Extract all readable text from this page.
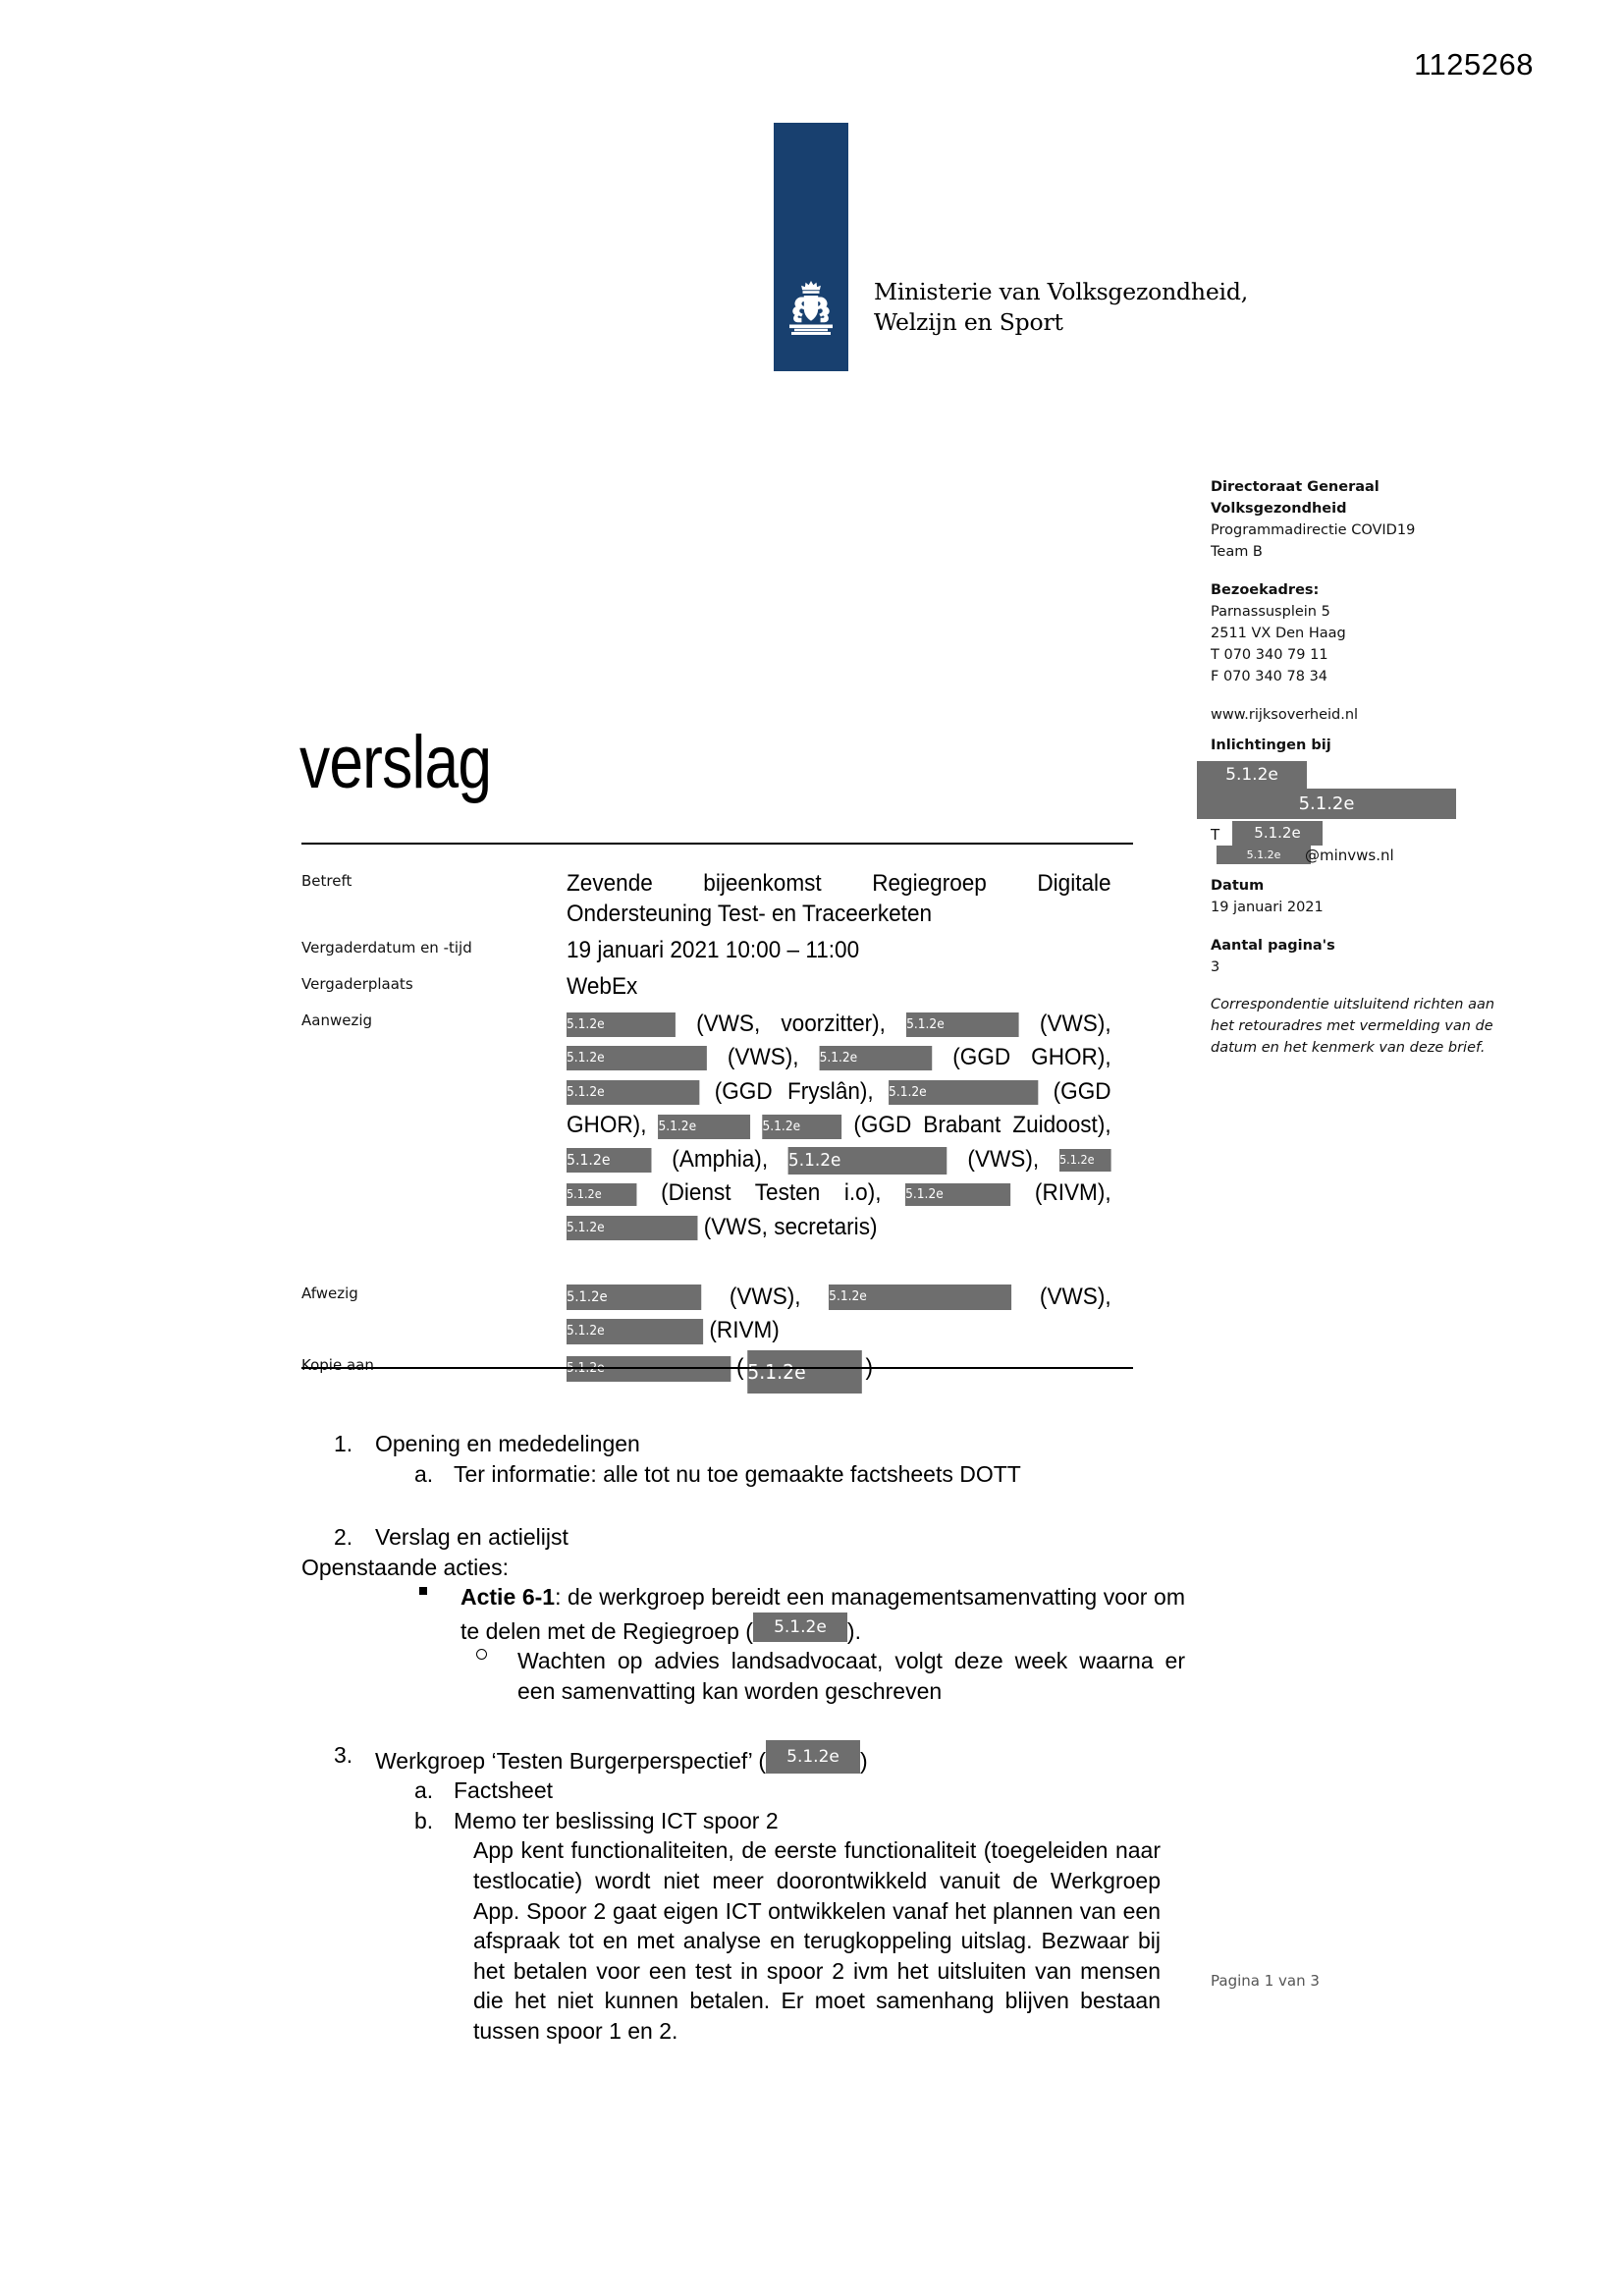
1125268
Ministerie van Volksgezondheid,
Welzijn en Sport
Directoraat Generaal
Volksgezondheid
Programmadirectie COVID19
Team B
Bezoekadres:
Parnassusplein 5
2511 VX Den Haag
T 070 340 79 11
F 070 340 78 34
www.rijksoverheid.nl
Inlichtingen bij
5.1.2e
5.1.2e
T	5.1.2e
5.1.2e	@minvws.nl
Datum
19 januari 2021
Aantal pagina's
3
Correspondentie uitsluitend richten aan het retouradres met vermelding van de datum en het kenmerk van deze brief.
verslag
Betreft	Zevende bijeenkomst Regiegroep Digitale Ondersteuning Test- en Traceerketen
Vergaderdatum en -tijd	19 januari 2021 10:00 – 11:00
Vergaderplaats	WebEx
Aanwezig	5.1.2e	(VWS, voorzitter), 5.1.2e	(VWS), 5.1.2e	(VWS), 5.1.2e	(GGD GHOR), 5.1.2e	(GGD Fryslân), 5.1.2e	(GGD GHOR), 5.1.2e	5.1.2e (GGD Brabant Zuidoost), 5.1.2e	(Amphia), 5.1.2e	(VWS), 5.1.2e 5.1.2e	(Dienst Testen i.o), 5.1.2e	(RIVM), 5.1.2e	(VWS, secretaris)
Afwezig	5.1.2e	(VWS), 5.1.2e	(VWS), 5.1.2e	(RIVM)
Kopie aan	5.1.2e	( 5.1.2e	)
1. Opening en mededelingen
a. Ter informatie: alle tot nu toe gemaakte factsheets DOTT
2. Verslag en actielijst
Openstaande acties:
Actie 6-1: de werkgroep bereidt een managementsamenvatting voor om te delen met de Regiegroep ( 5.1.2e ).
Wachten op advies landsadvocaat, volgt deze week waarna er een samenvatting kan worden geschreven
3. Werkgroep ‘Testen Burgerperspectief’ ( 5.1.2e )
a. Factsheet
b. Memo ter beslissing ICT spoor 2
App kent functionaliteiten, de eerste functionaliteit (toegeleiden naar testlocatie) wordt niet meer doorontwikkeld vanuit de Werkgroep App. Spoor 2 gaat eigen ICT ontwikkelen vanaf het plannen van een afspraak tot en met analyse en terugkoppeling uitslag. Bezwaar bij het betalen voor een test in spoor 2 ivm het uitsluiten van mensen die het niet kunnen betalen. Er moet samenhang blijven bestaan tussen spoor 1 en 2.
Pagina 1 van 3
